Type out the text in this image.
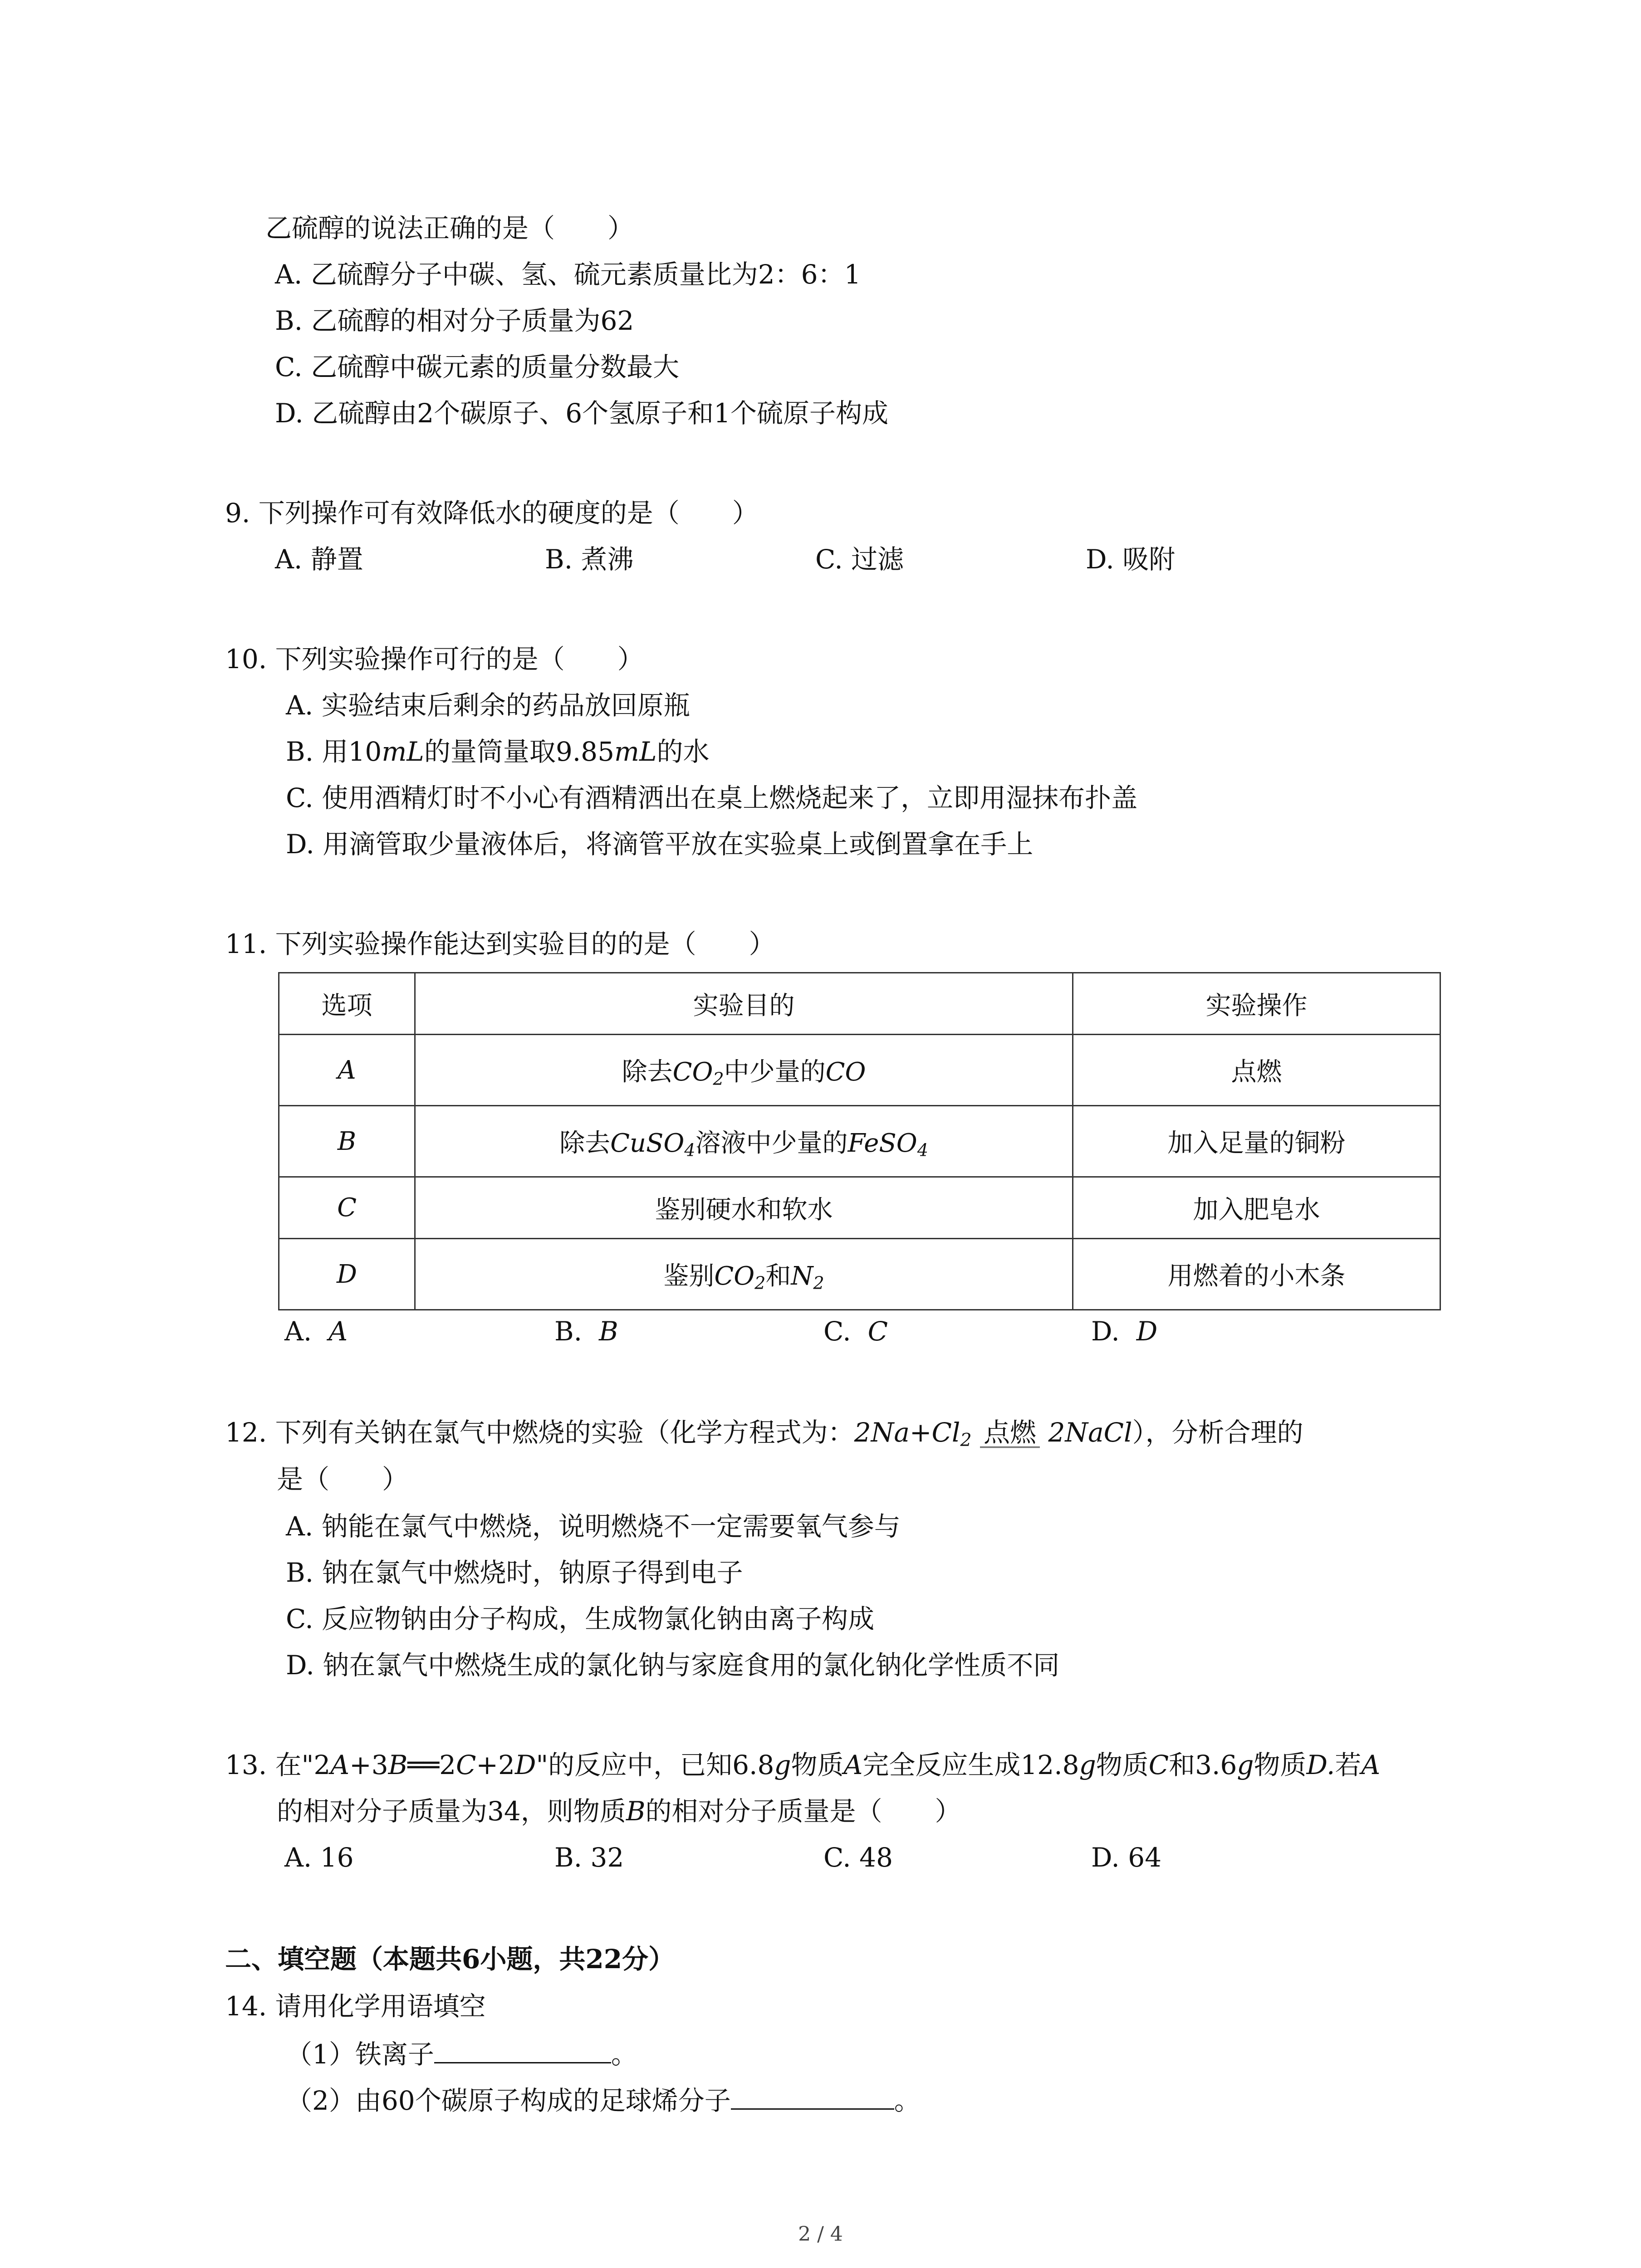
乙硫醇的说法正确的是（　　）
A. 乙硫醇分子中碳、氢、硫元素质量比为2：6：1
B. 乙硫醇的相对分子质量为62
C. 乙硫醇中碳元素的质量分数最大
D. 乙硫醇由2个碳原子、6个氢原子和1个硫原子构成
9. 下列操作可有效降低水的硬度的是（　　）
A. 静置	B. 煮沸	C. 过滤	D. 吸附
10. 下列实验操作可行的是（　　）
A. 实验结束后剩余的药品放回原瓶
B. 用10mL的量筒量取9.85mL的水
C. 使用酒精灯时不小心有酒精洒出在桌上燃烧起来了，立即用湿抹布扑盖
D. 用滴管取少量液体后，将滴管平放在实验桌上或倒置拿在手上
11. 下列实验操作能达到实验目的的是（　　）
选项	实验目的	实验操作
A	除去$CO_2$中少量的CO	点燃
B	除去CuSO$_4$溶液中少量的FeSO$_4$	加入足量的铜粉
C	鉴别硬水和软水	加入肥皂水
D	鉴别$CO_2$和$N_2$	用燃着的小木条
A. A	B. B	C. C	D. D
12. 下列有关钠在氯气中燃烧的实验（化学方程式为：$2Na+Cl_2$ 点燃 2NaCl），分析合理的
是（　　）
A. 钠能在氯气中燃烧，说明燃烧不一定需要氧气参与
B. 钠在氯气中燃烧时，钠原子得到电子
C. 反应物钠由分子构成，生成物氯化钠由离子构成
D. 钠在氯气中燃烧生成的氯化钠与家庭食用的氯化钠化学性质不同
13. 在"2A+3B══2C+2D"的反应中，已知6.8g物质A完全反应生成12.8g物质C和3.6g物质D.若A
的相对分子质量为34，则物质B的相对分子质量是（　　）
A. 16	B. 32	C. 48	D. 64
二、填空题（本题共6小题，共22分）
14. 请用化学用语填空
（1）铁离子	。
（2）由60个碳原子构成的足球烯分子	。
2 / 4
